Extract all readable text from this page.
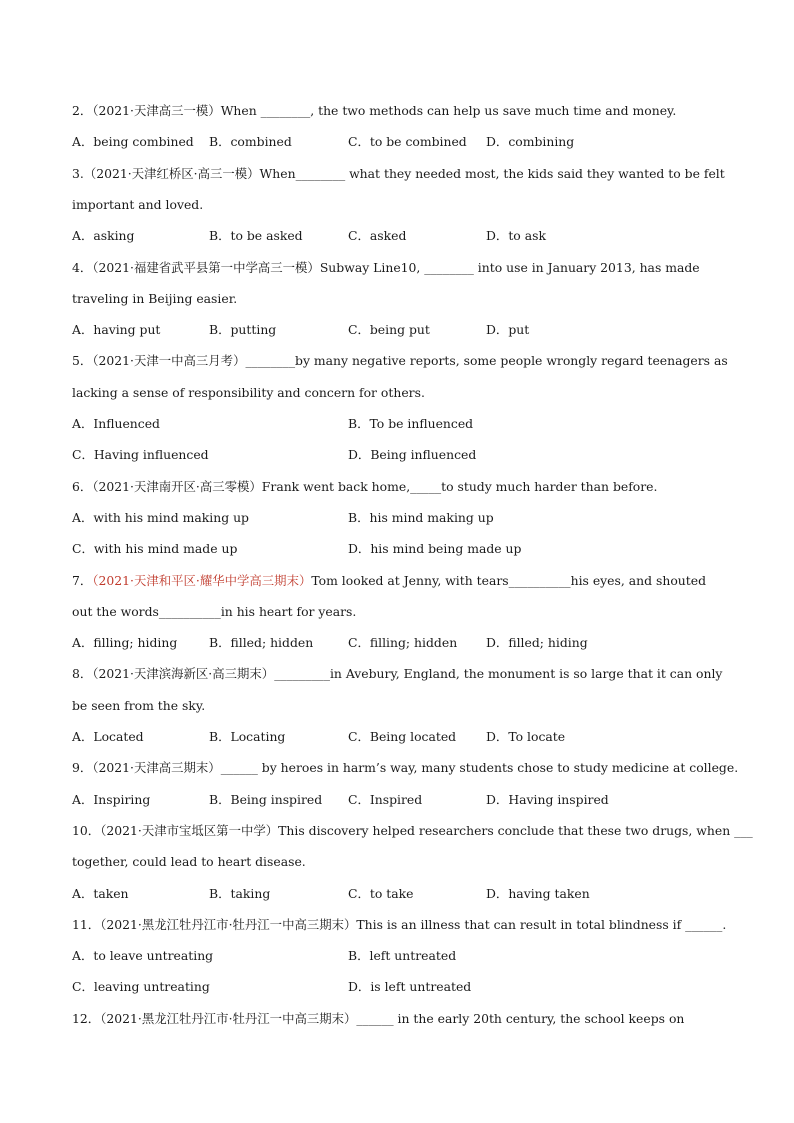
2．（2021·天津高三一模）When ________, the two methods can help us save much time and money.
A．being combined B．combined	C．to be combined D．combining
3.（2021·天津红桥区·高三一模）When________ what they needed most, the kids said they wanted to be felt
important and loved.
A．asking	B．to be asked	C．asked	D．to ask
4．（2021·福建省武平县第一中学高三一模）Subway Line10, ________ into use in January 2013, has made
traveling in Beijing easier.
A．having put	B．putting	C．being put	D．put
5．（2021·天津一中高三月考）________by many negative reports, some people wrongly regard teenagers as
lacking a sense of responsibility and concern for others.
A．Influenced	B．To be influenced
C．Having influenced	D．Being influenced
6．（2021·天津南开区·高三零模）Frank went back home,_____to study much harder than before.
A．with his mind making up	B．his mind making up
C．with his mind made up	D．his mind being made up
7．（2021·天津和平区·耀华中学高三期末）Tom looked at Jenny, with tears__________his eyes, and shouted
out the words__________in his heart for years.
A．filling; hiding	B．filled; hidden	C．filling; hidden D．filled; hiding
8．（2021·天津滨海新区·高三期末）_________in Avebury, England, the monument is so large that it can only
be seen from the sky.
A．Located	B．Locating	C．Being located D．To locate
9．（2021·天津高三期末）______ by heroes in harm’s way, many students chose to study medicine at college.
A．Inspiring	B．Being inspired C．Inspired	D．Having inspired
10．（2021·天津市宝坻区第一中学）This discovery helped researchers conclude that these two drugs, when ___
together, could lead to heart disease.
A．taken	B．taking	C．to take	D．having taken
11．（2021·黑龙江牡丹江市·牡丹江一中高三期末）This is an illness that can result in total blindness if ______.
A．to leave untreating	B．left untreated
C．leaving untreating	D．is left untreated
12．（2021·黑龙江牡丹江市·牡丹江一中高三期末）______ in the early 20th century, the school keeps on
